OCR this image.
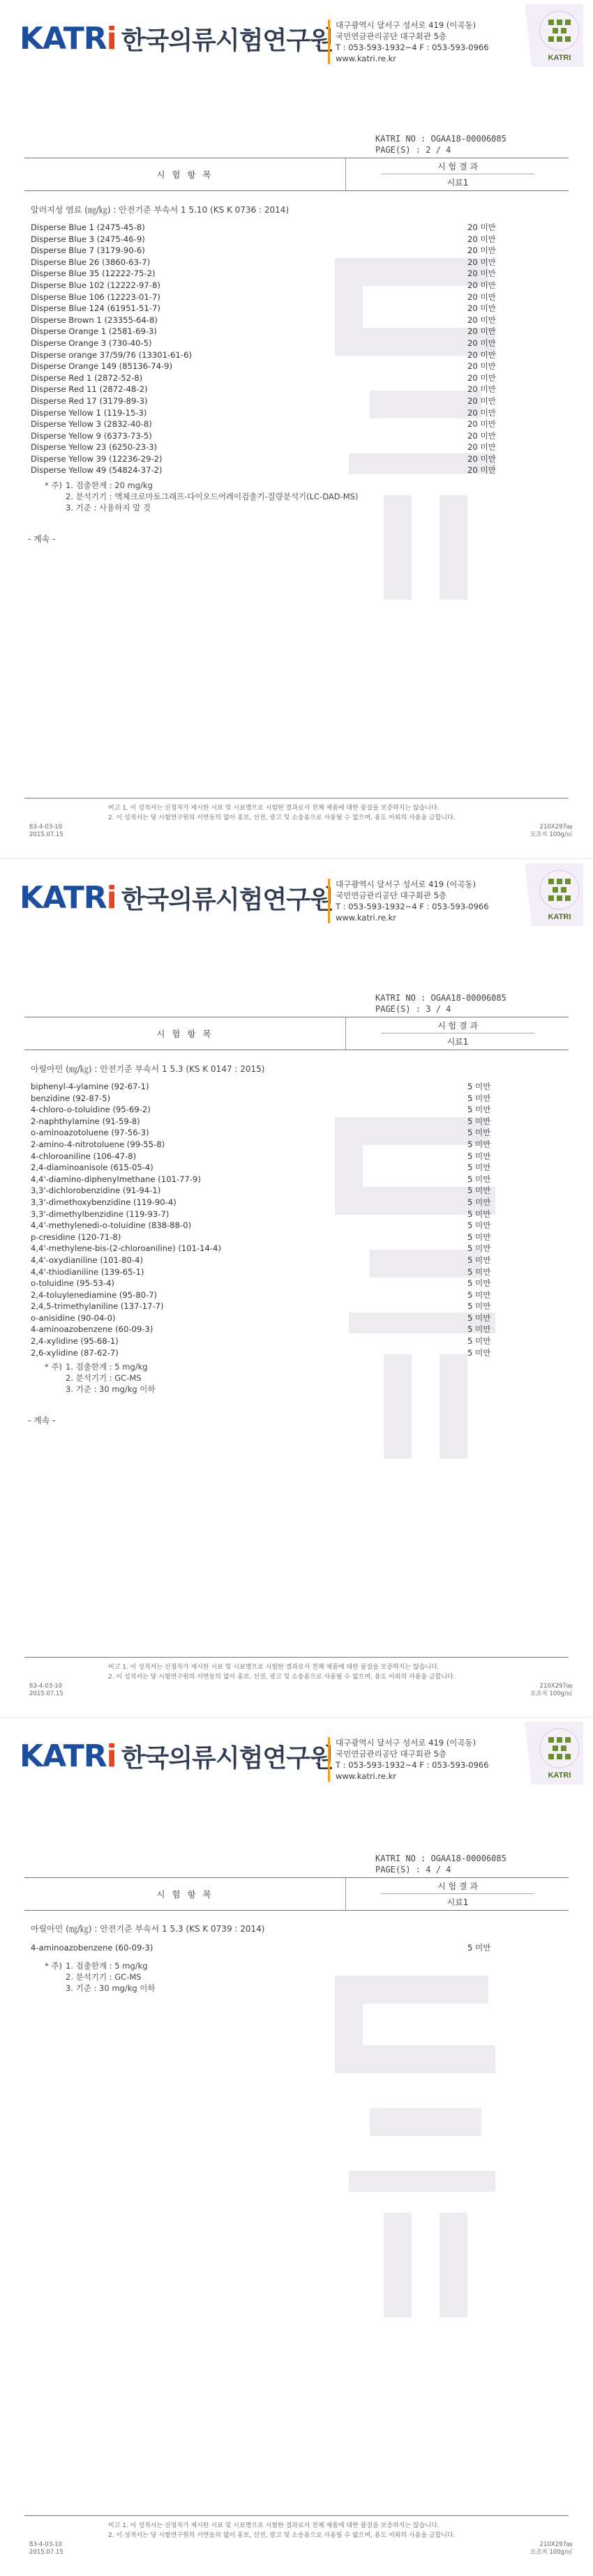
KATR i 한국의류시험연구원
대구광역시 달서구 성서로 419 (이곡동)
국민연금관리공단 대구회관 5층
T : 053-593-1932~4 F : 053-593-0966
www.katri.re.kr	KATRI
KATRI NO : OGAA18-00006085
PAGE(S) : 2 / 4
시 험 항 목
시 험 결 과
시료1
알러지성 염료 (㎎/㎏) : 안전기준 부속서 1 5.10 (KS K 0736 : 2014)
Disperse Blue 1 (2475-45-8)	20 미만
Disperse Blue 3 (2475-46-9)	20 미만
Disperse Blue 7 (3179-90-6)	20 미만
Disperse Blue 26 (3860-63-7)	20 미만
Disperse Blue 35 (12222-75-2)	20 미만
Disperse Blue 102 (12222-97-8)	20 미만
Disperse Blue 106 (12223-01-7)	20 미만
Disperse Blue 124 (61951-51-7)	20 미만
Disperse Brown 1 (23355-64-8)	20 미만
Disperse Orange 1 (2581-69-3)	20 미만
Disperse Orange 3 (730-40-5)	20 미만
Disperse orange 37/59/76 (13301-61-6)	20 미만
Disperse Orange 149 (85136-74-9)	20 미만
Disperse Red 1 (2872-52-8)	20 미만
Disperse Red 11 (2872-48-2)	20 미만
Disperse Red 17 (3179-89-3)	20 미만
Disperse Yellow 1 (119-15-3)	20 미만
Disperse Yellow 3 (2832-40-8)	20 미만
Disperse Yellow 9 (6373-73-5)	20 미만
Disperse Yellow 23 (6250-23-3)	20 미만
Disperse Yellow 39 (12236-29-2)	20 미만
Disperse Yellow 49 (54824-37-2)	20 미만
* 주) 1. 검출한계 : 20 mg/kg
2. 분석기기 : 액체크로마토그래프-다이오드어레이검출기-질량분석기(LC-DAD-MS)
3. 기준 : 사용하지 말 것
- 계속 -
비고 1. 이 성적서는 신청자가 제시한 시료 및 시료명으로 시험한 결과로서 전체 제품에 대한 품질을 보증하지는 않습니다.
2. 이 성적서는 당 시험연구원의 서면동의 없이 홍보, 선전, 광고 및 소송용으로 사용될 수 없으며, 용도 이외의 사용을 금합니다.
83-4-03-10
2015.07.15
210X297㎜
모조지 100g/㎡
KATR i 한국의류시험연구원
대구광역시 달서구 성서로 419 (이곡동)
국민연금관리공단 대구회관 5층
T : 053-593-1932~4 F : 053-593-0966
www.katri.re.kr	KATRI
KATRI NO : OGAA18-00006085
PAGE(S) : 3 / 4
시 험 항 목
시 험 결 과
시료1
아릴아민 (㎎/㎏) : 안전기준 부속서 1 5.3 (KS K 0147 : 2015)
biphenyl-4-ylamine (92-67-1)	5 미만
benzidine (92-87-5)	5 미만
4-chloro-o-toluidine (95-69-2)	5 미만
2-naphthylamine (91-59-8)	5 미만
o-aminoazotoluene (97-56-3)	5 미만
2-amino-4-nitrotoluene (99-55-8)	5 미만
4-chloroaniline (106-47-8)	5 미만
2,4-diaminoanisole (615-05-4)	5 미만
4,4'-diamino-diphenylmethane (101-77-9)	5 미만
3,3'-dichlorobenzidine (91-94-1)	5 미만
3,3'-dimethoxybenzidine (119-90-4)	5 미만
3,3'-dimethylbenzidine (119-93-7)	5 미만
4,4'-methylenedi-o-toluidine (838-88-0)	5 미만
p-cresidine (120-71-8)	5 미만
4,4'-methylene-bis-(2-chloroaniline) (101-14-4)	5 미만
4,4'-oxydianiline (101-80-4)	5 미만
4,4'-thiodianiline (139-65-1)	5 미만
o-toluidine (95-53-4)	5 미만
2,4-toluylenediamine (95-80-7)	5 미만
2,4,5-trimethylaniline (137-17-7)	5 미만
o-anisidine (90-04-0)	5 미만
4-aminoazobenzene (60-09-3)	5 미만
2,4-xylidine (95-68-1)	5 미만
2,6-xylidine (87-62-7)	5 미만
* 주) 1. 검출한계 : 5 mg/kg
2. 분석기기 : GC-MS
3. 기준 : 30 mg/kg 이하
- 계속 -
비고 1. 이 성적서는 신청자가 제시한 시료 및 시료명으로 시험한 결과로서 전체 제품에 대한 품질을 보증하지는 않습니다.
2. 이 성적서는 당 시험연구원의 서면동의 없이 홍보, 선전, 광고 및 소송용으로 사용될 수 없으며, 용도 이외의 사용을 금합니다.
83-4-03-10
2015.07.15
210X297㎜
모조지 100g/㎡
KATR i 한국의류시험연구원
대구광역시 달서구 성서로 419 (이곡동)
국민연금관리공단 대구회관 5층
T : 053-593-1932~4 F : 053-593-0966
www.katri.re.kr	KATRI
KATRI NO : OGAA18-00006085
PAGE(S) : 4 / 4
시 험 항 목
시 험 결 과
시료1
아릴아민 (㎎/㎏) : 안전기준 부속서 1 5.3 (KS K 0739 : 2014)
4-aminoazobenzene (60-09-3)	5 미만
* 주) 1. 검출한계 : 5 mg/kg
2. 분석기기 : GC-MS
3. 기준 : 30 mg/kg 이하
비고 1. 이 성적서는 신청자가 제시한 시료 및 시료명으로 시험한 결과로서 전체 제품에 대한 품질을 보증하지는 않습니다.
2. 이 성적서는 당 시험연구원의 서면동의 없이 홍보, 선전, 광고 및 소송용으로 사용될 수 없으며, 용도 이외의 사용을 금합니다.
83-4-03-10
2015.07.15
210X297㎜
모조지 100g/㎡
